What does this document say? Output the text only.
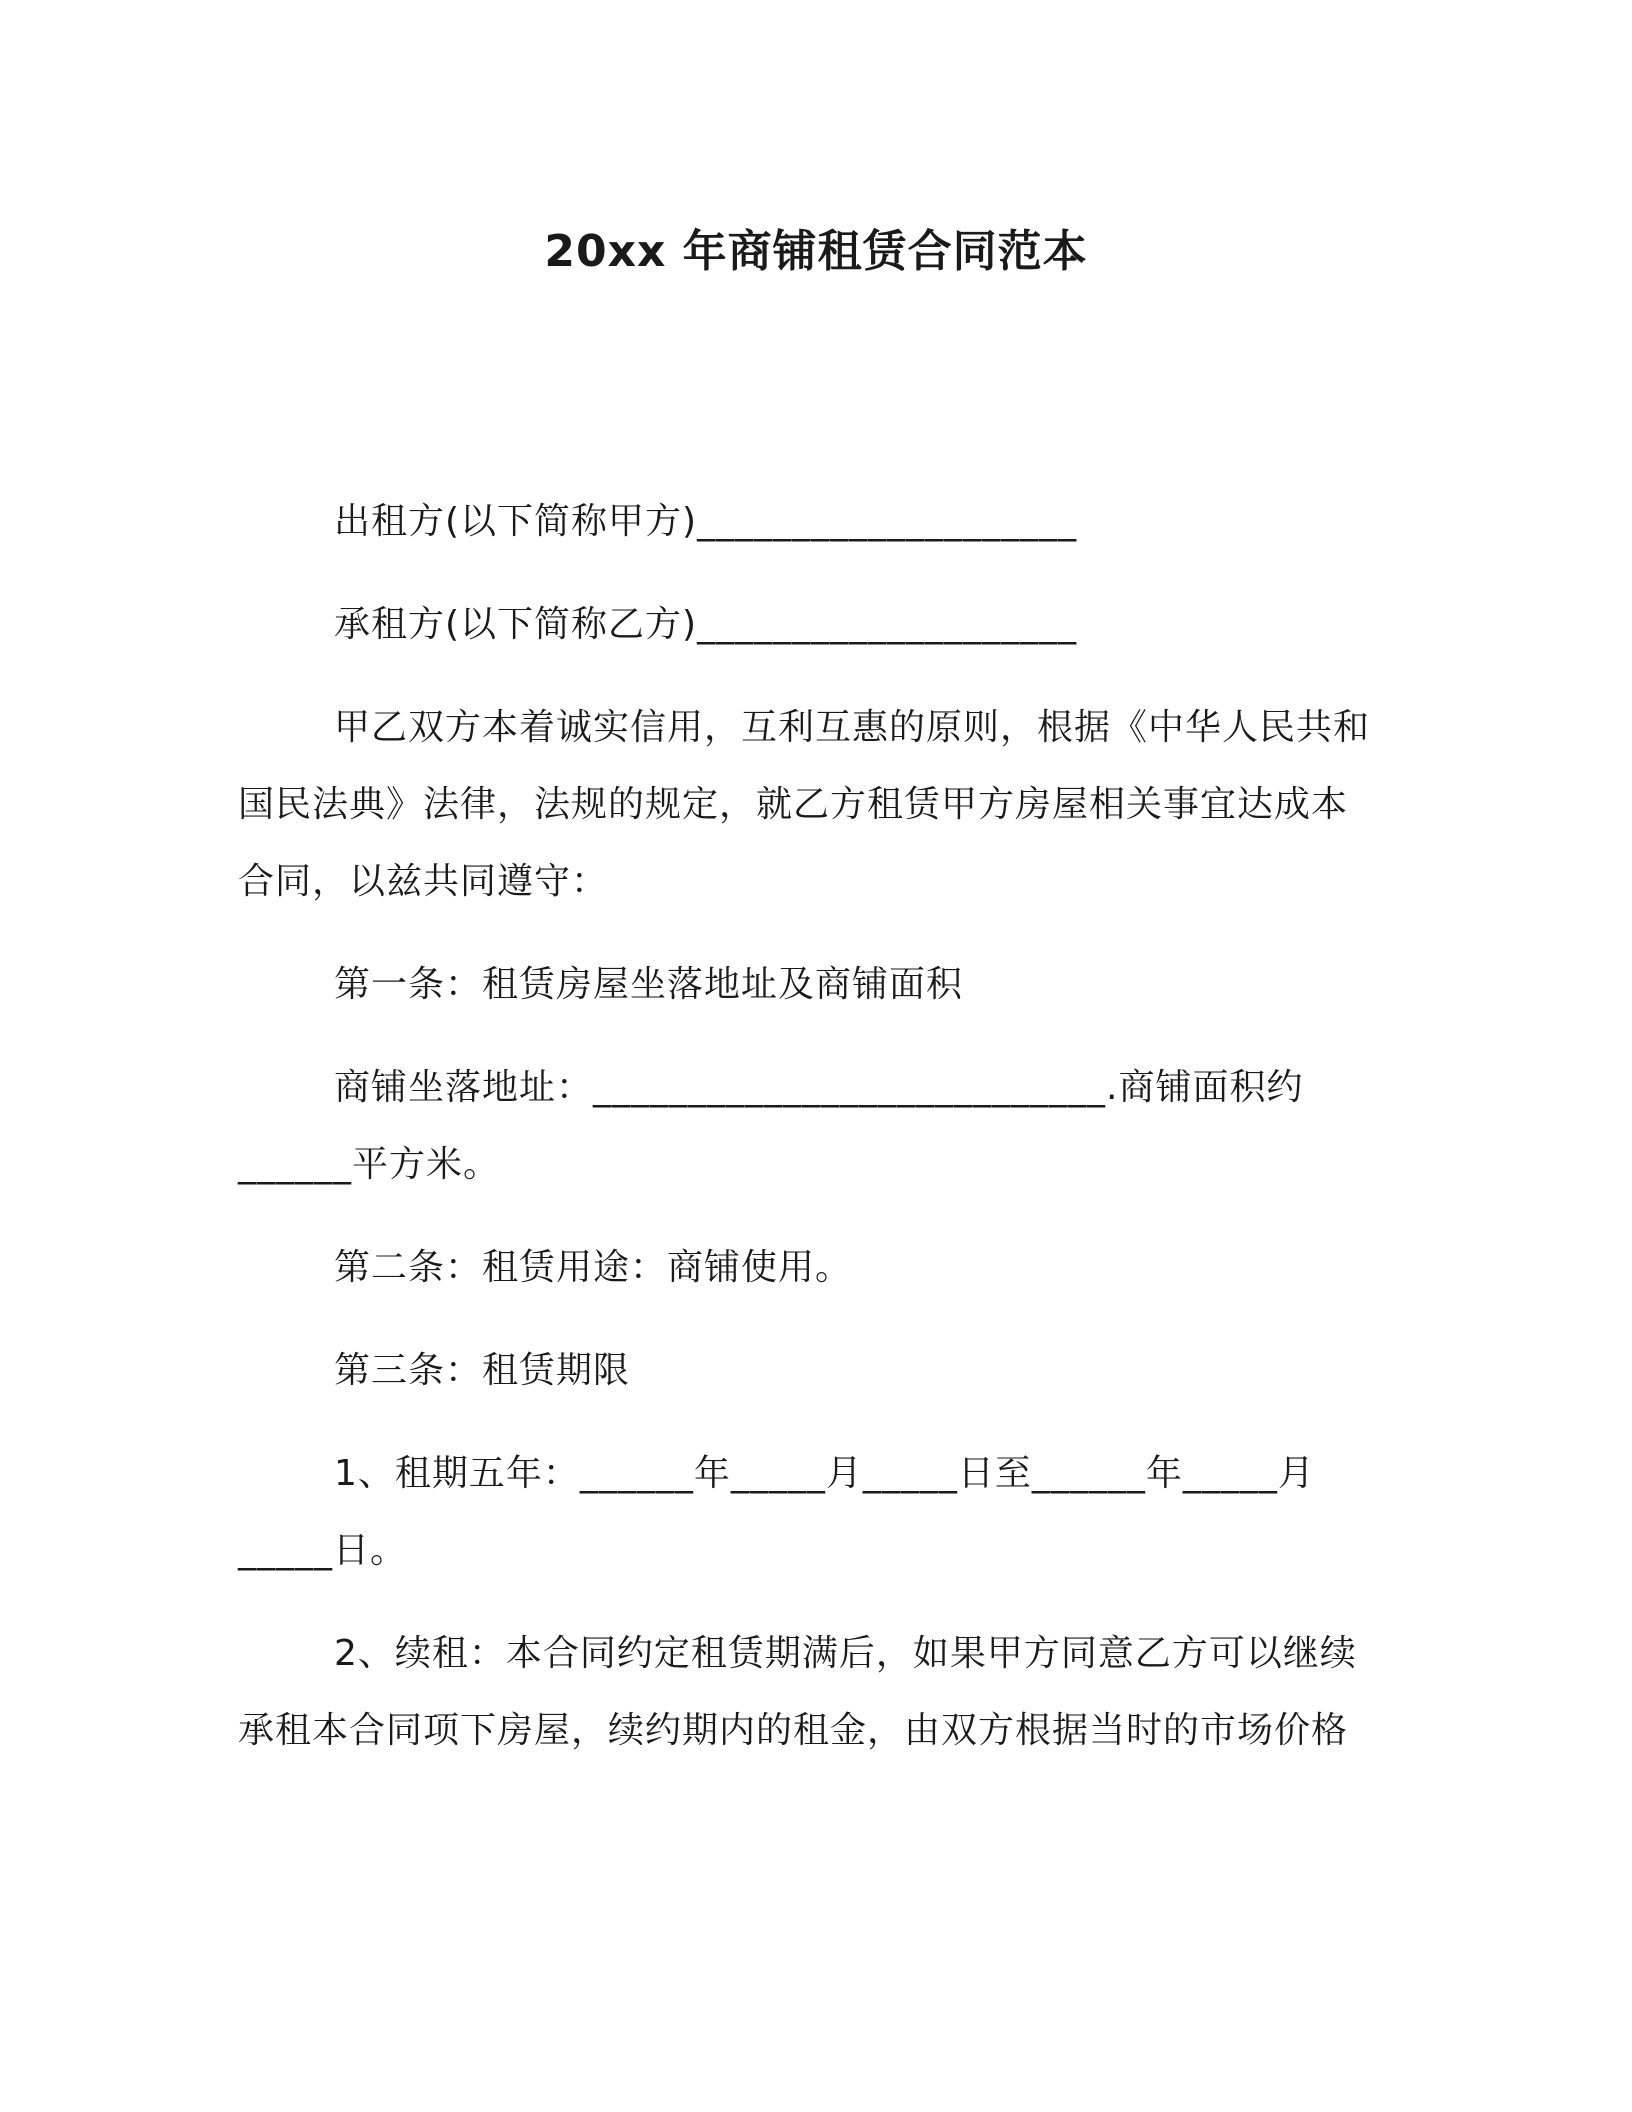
20xx 年商铺租赁合同范本
出租方(以下简称甲方)____________________
承租方(以下简称乙方)____________________
甲乙双方本着诚实信用，互利互惠的原则，根据《中华人民共和
国民法典》法律，法规的规定，就乙方租赁甲方房屋相关事宜达成本
合同，以兹共同遵守：
第一条：租赁房屋坐落地址及商铺面积
商铺坐落地址：___________________________.商铺面积约
______平方米。
第二条：租赁用途：商铺使用。
第三条：租赁期限
1、租期五年：______年_____月_____日至______年_____月
_____日。
2、续租：本合同约定租赁期满后，如果甲方同意乙方可以继续
承租本合同项下房屋，续约期内的租金，由双方根据当时的市场价格
